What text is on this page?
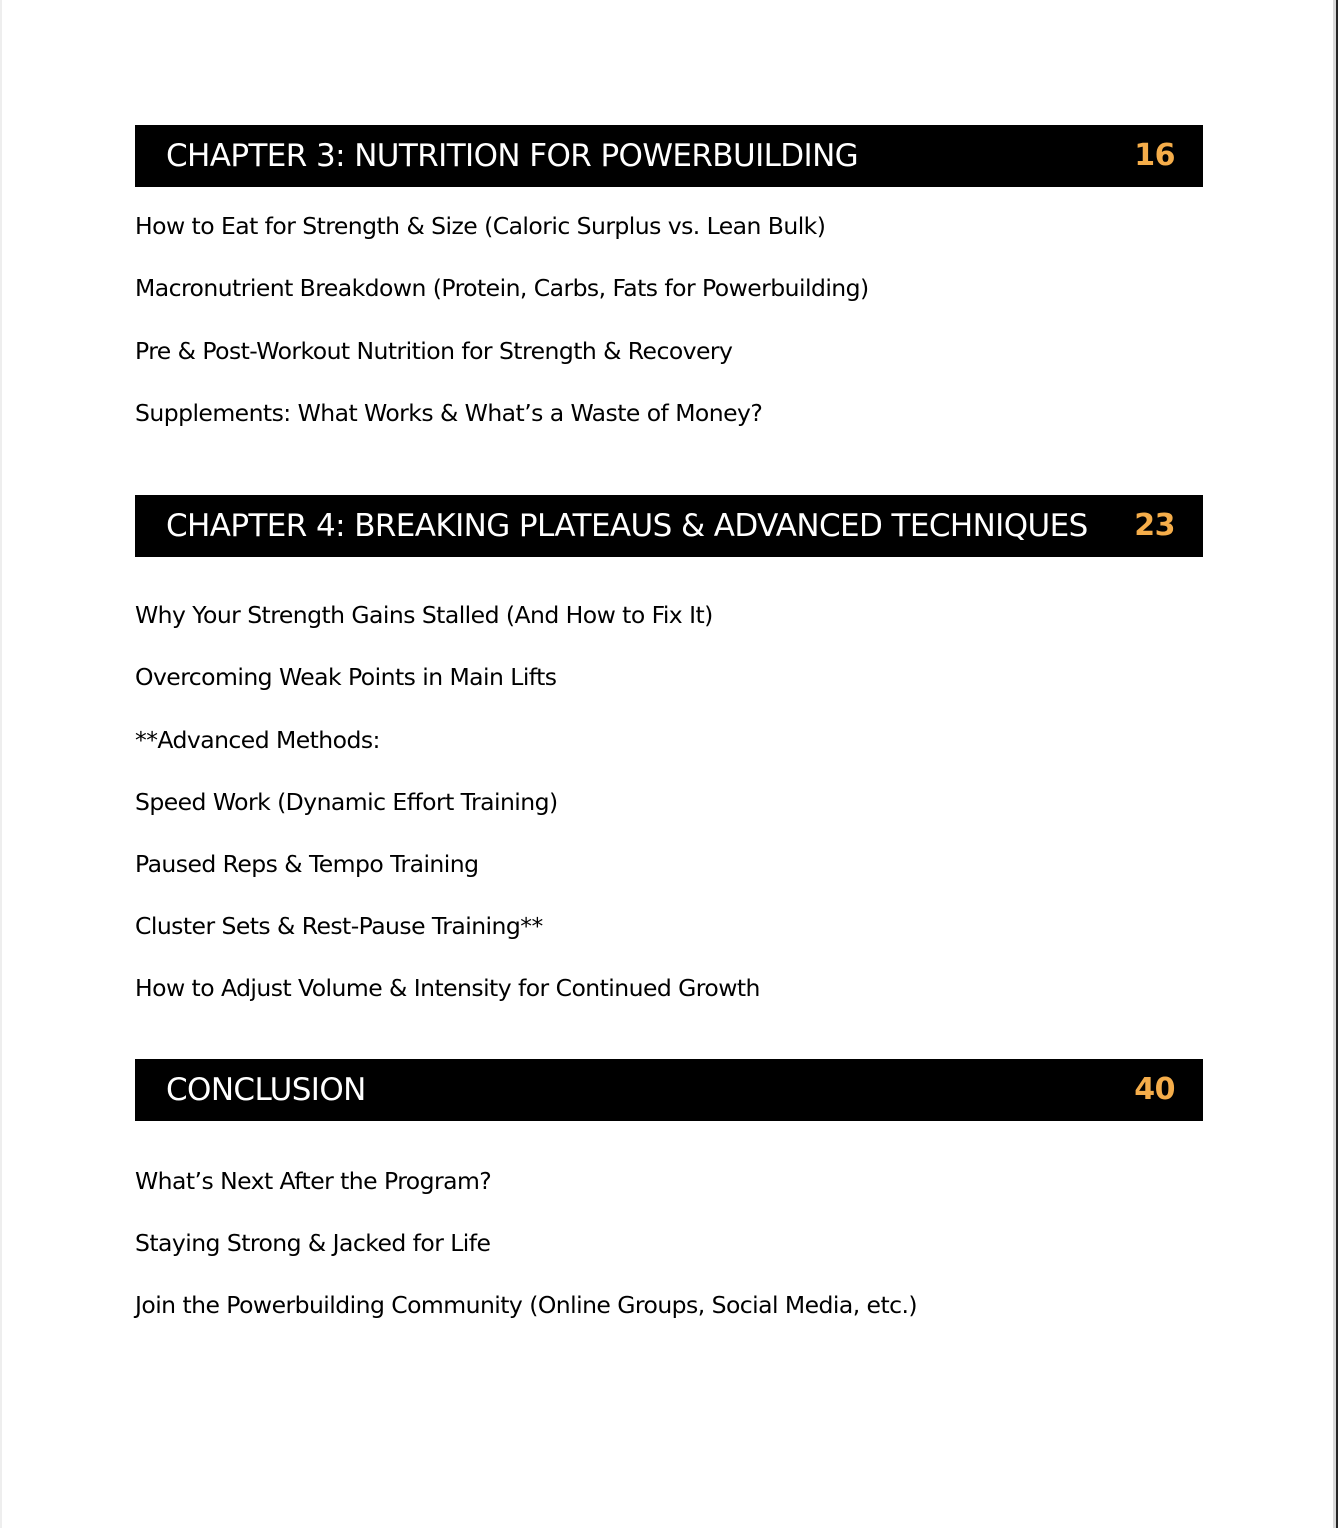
CHAPTER 3: NUTRITION FOR POWERBUILDING	16
How to Eat for Strength & Size (Caloric Surplus vs. Lean Bulk)
Macronutrient Breakdown (Protein, Carbs, Fats for Powerbuilding)
Pre & Post-Workout Nutrition for Strength & Recovery
Supplements: What Works & What’s a Waste of Money?
CHAPTER 4: BREAKING PLATEAUS & ADVANCED TECHNIQUES 23
Why Your Strength Gains Stalled (And How to Fix It)
Overcoming Weak Points in Main Lifts
**Advanced Methods:
Speed Work (Dynamic Effort Training)
Paused Reps & Tempo Training
Cluster Sets & Rest-Pause Training**
How to Adjust Volume & Intensity for Continued Growth
CONCLUSION	40
What’s Next After the Program?
Staying Strong & Jacked for Life
Join the Powerbuilding Community (Online Groups, Social Media, etc.)
